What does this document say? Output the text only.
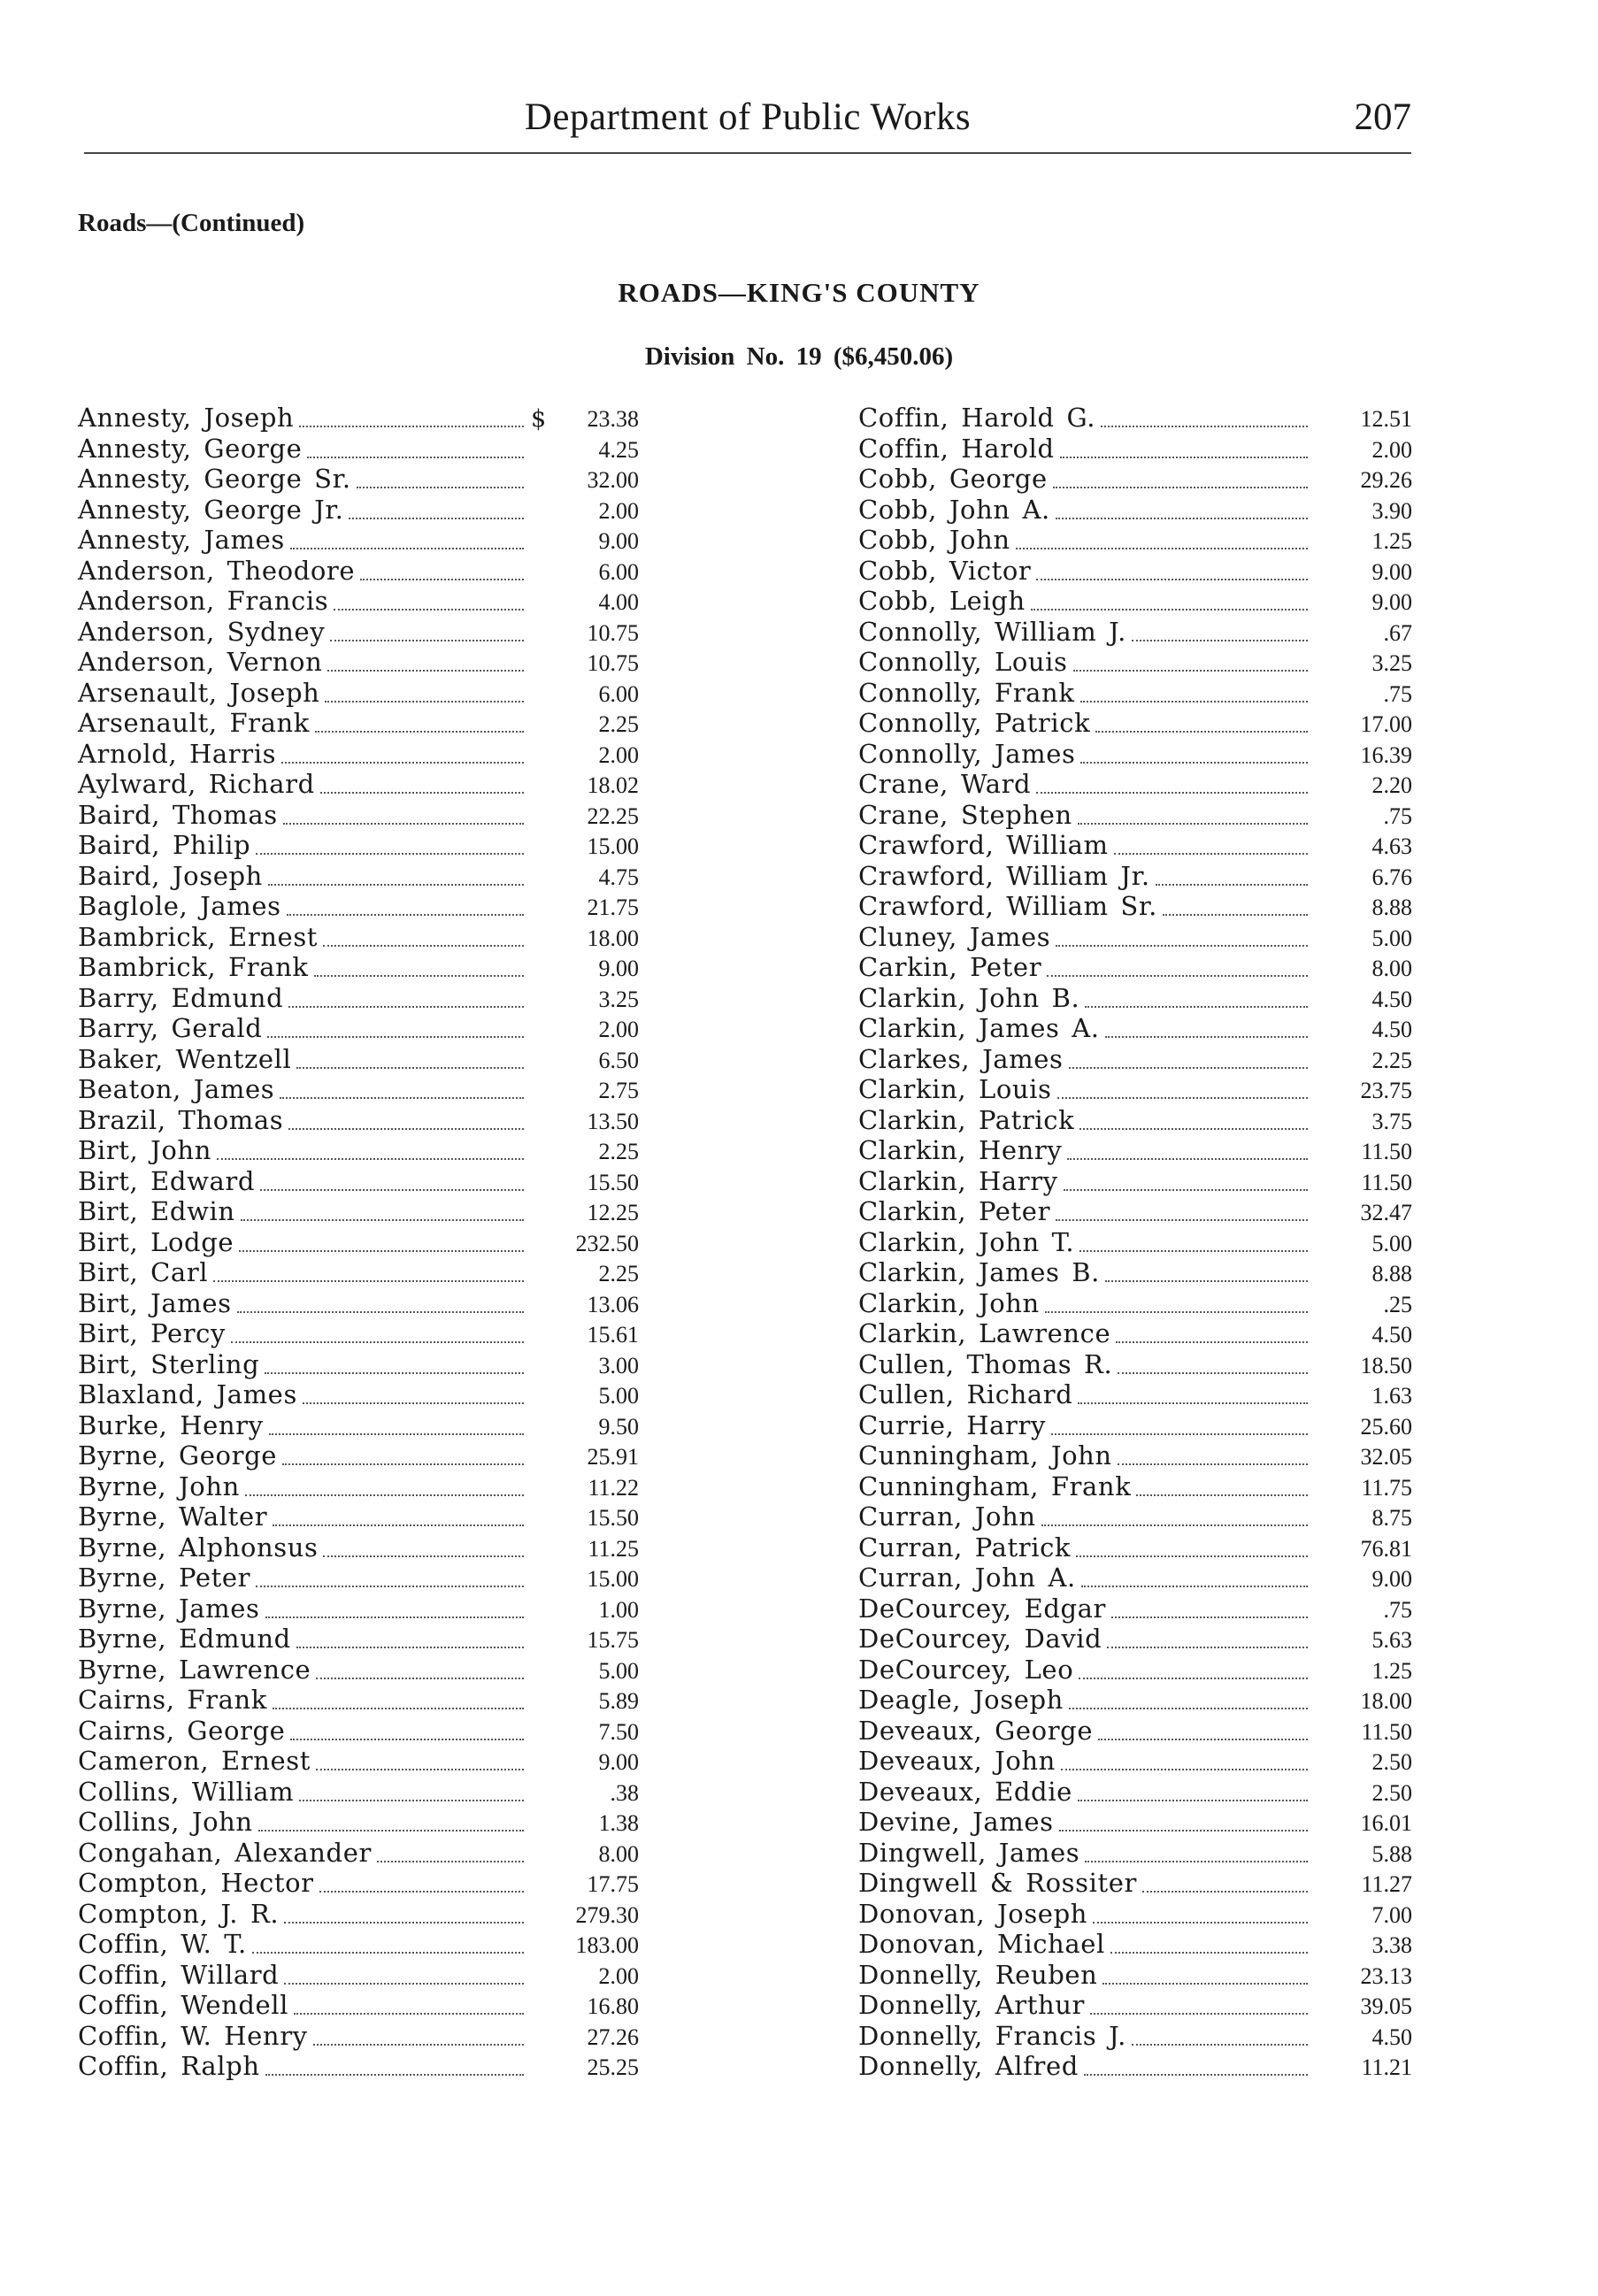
Department of Public Works	207
Roads—(Continued)
ROADS—KING'S COUNTY
Division No. 19 ($6,450.06)
Annesty, Joseph	$	23.38
Annesty, George	4.25
Annesty, George Sr.	32.00
Annesty, George Jr.	2.00
Annesty, James	9.00
Anderson, Theodore	6.00
Anderson, Francis	4.00
Anderson, Sydney	10.75
Anderson, Vernon	10.75
Arsenault, Joseph	6.00
Arsenault, Frank	2.25
Arnold, Harris	2.00
Aylward, Richard	18.02
Baird, Thomas	22.25
Baird, Philip	15.00
Baird, Joseph	4.75
Baglole, James	21.75
Bambrick, Ernest	18.00
Bambrick, Frank	9.00
Barry, Edmund	3.25
Barry, Gerald	2.00
Baker, Wentzell	6.50
Beaton, James	2.75
Brazil, Thomas	13.50
Birt, John	2.25
Birt, Edward	15.50
Birt, Edwin	12.25
Birt, Lodge	232.50
Birt, Carl	2.25
Birt, James	13.06
Birt, Percy	15.61
Birt, Sterling	3.00
Blaxland, James	5.00
Burke, Henry	9.50
Byrne, George	25.91
Byrne, John	11.22
Byrne, Walter	15.50
Byrne, Alphonsus	11.25
Byrne, Peter	15.00
Byrne, James	1.00
Byrne, Edmund	15.75
Byrne, Lawrence	5.00
Cairns, Frank	5.89
Cairns, George	7.50
Cameron, Ernest	9.00
Collins, William	.38
Collins, John	1.38
Congahan, Alexander	8.00
Compton, Hector	17.75
Compton, J. R.	279.30
Coffin, W. T.	183.00
Coffin, Willard	2.00
Coffin, Wendell	16.80
Coffin, W. Henry	27.26
Coffin, Ralph	25.25
Coffin, Harold G.	12.51
Coffin, Harold	2.00
Cobb, George	29.26
Cobb, John A.	3.90
Cobb, John	1.25
Cobb, Victor	9.00
Cobb, Leigh	9.00
Connolly, William J.	.67
Connolly, Louis	3.25
Connolly, Frank	.75
Connolly, Patrick	17.00
Connolly, James	16.39
Crane, Ward	2.20
Crane, Stephen	.75
Crawford, William	4.63
Crawford, William Jr.	6.76
Crawford, William Sr.	8.88
Cluney, James	5.00
Carkin, Peter	8.00
Clarkin, John B.	4.50
Clarkin, James A.	4.50
Clarkes, James	2.25
Clarkin, Louis	23.75
Clarkin, Patrick	3.75
Clarkin, Henry	11.50
Clarkin, Harry	11.50
Clarkin, Peter	32.47
Clarkin, John T.	5.00
Clarkin, James B.	8.88
Clarkin, John	.25
Clarkin, Lawrence	4.50
Cullen, Thomas R.	18.50
Cullen, Richard	1.63
Currie, Harry	25.60
Cunningham, John	32.05
Cunningham, Frank	11.75
Curran, John	8.75
Curran, Patrick	76.81
Curran, John A.	9.00
DeCourcey, Edgar	.75
DeCourcey, David	5.63
DeCourcey, Leo	1.25
Deagle, Joseph	18.00
Deveaux, George	11.50
Deveaux, John	2.50
Deveaux, Eddie	2.50
Devine, James	16.01
Dingwell, James	5.88
Dingwell & Rossiter	11.27
Donovan, Joseph	7.00
Donovan, Michael	3.38
Donnelly, Reuben	23.13
Donnelly, Arthur	39.05
Donnelly, Francis J.	4.50
Donnelly, Alfred	11.21
